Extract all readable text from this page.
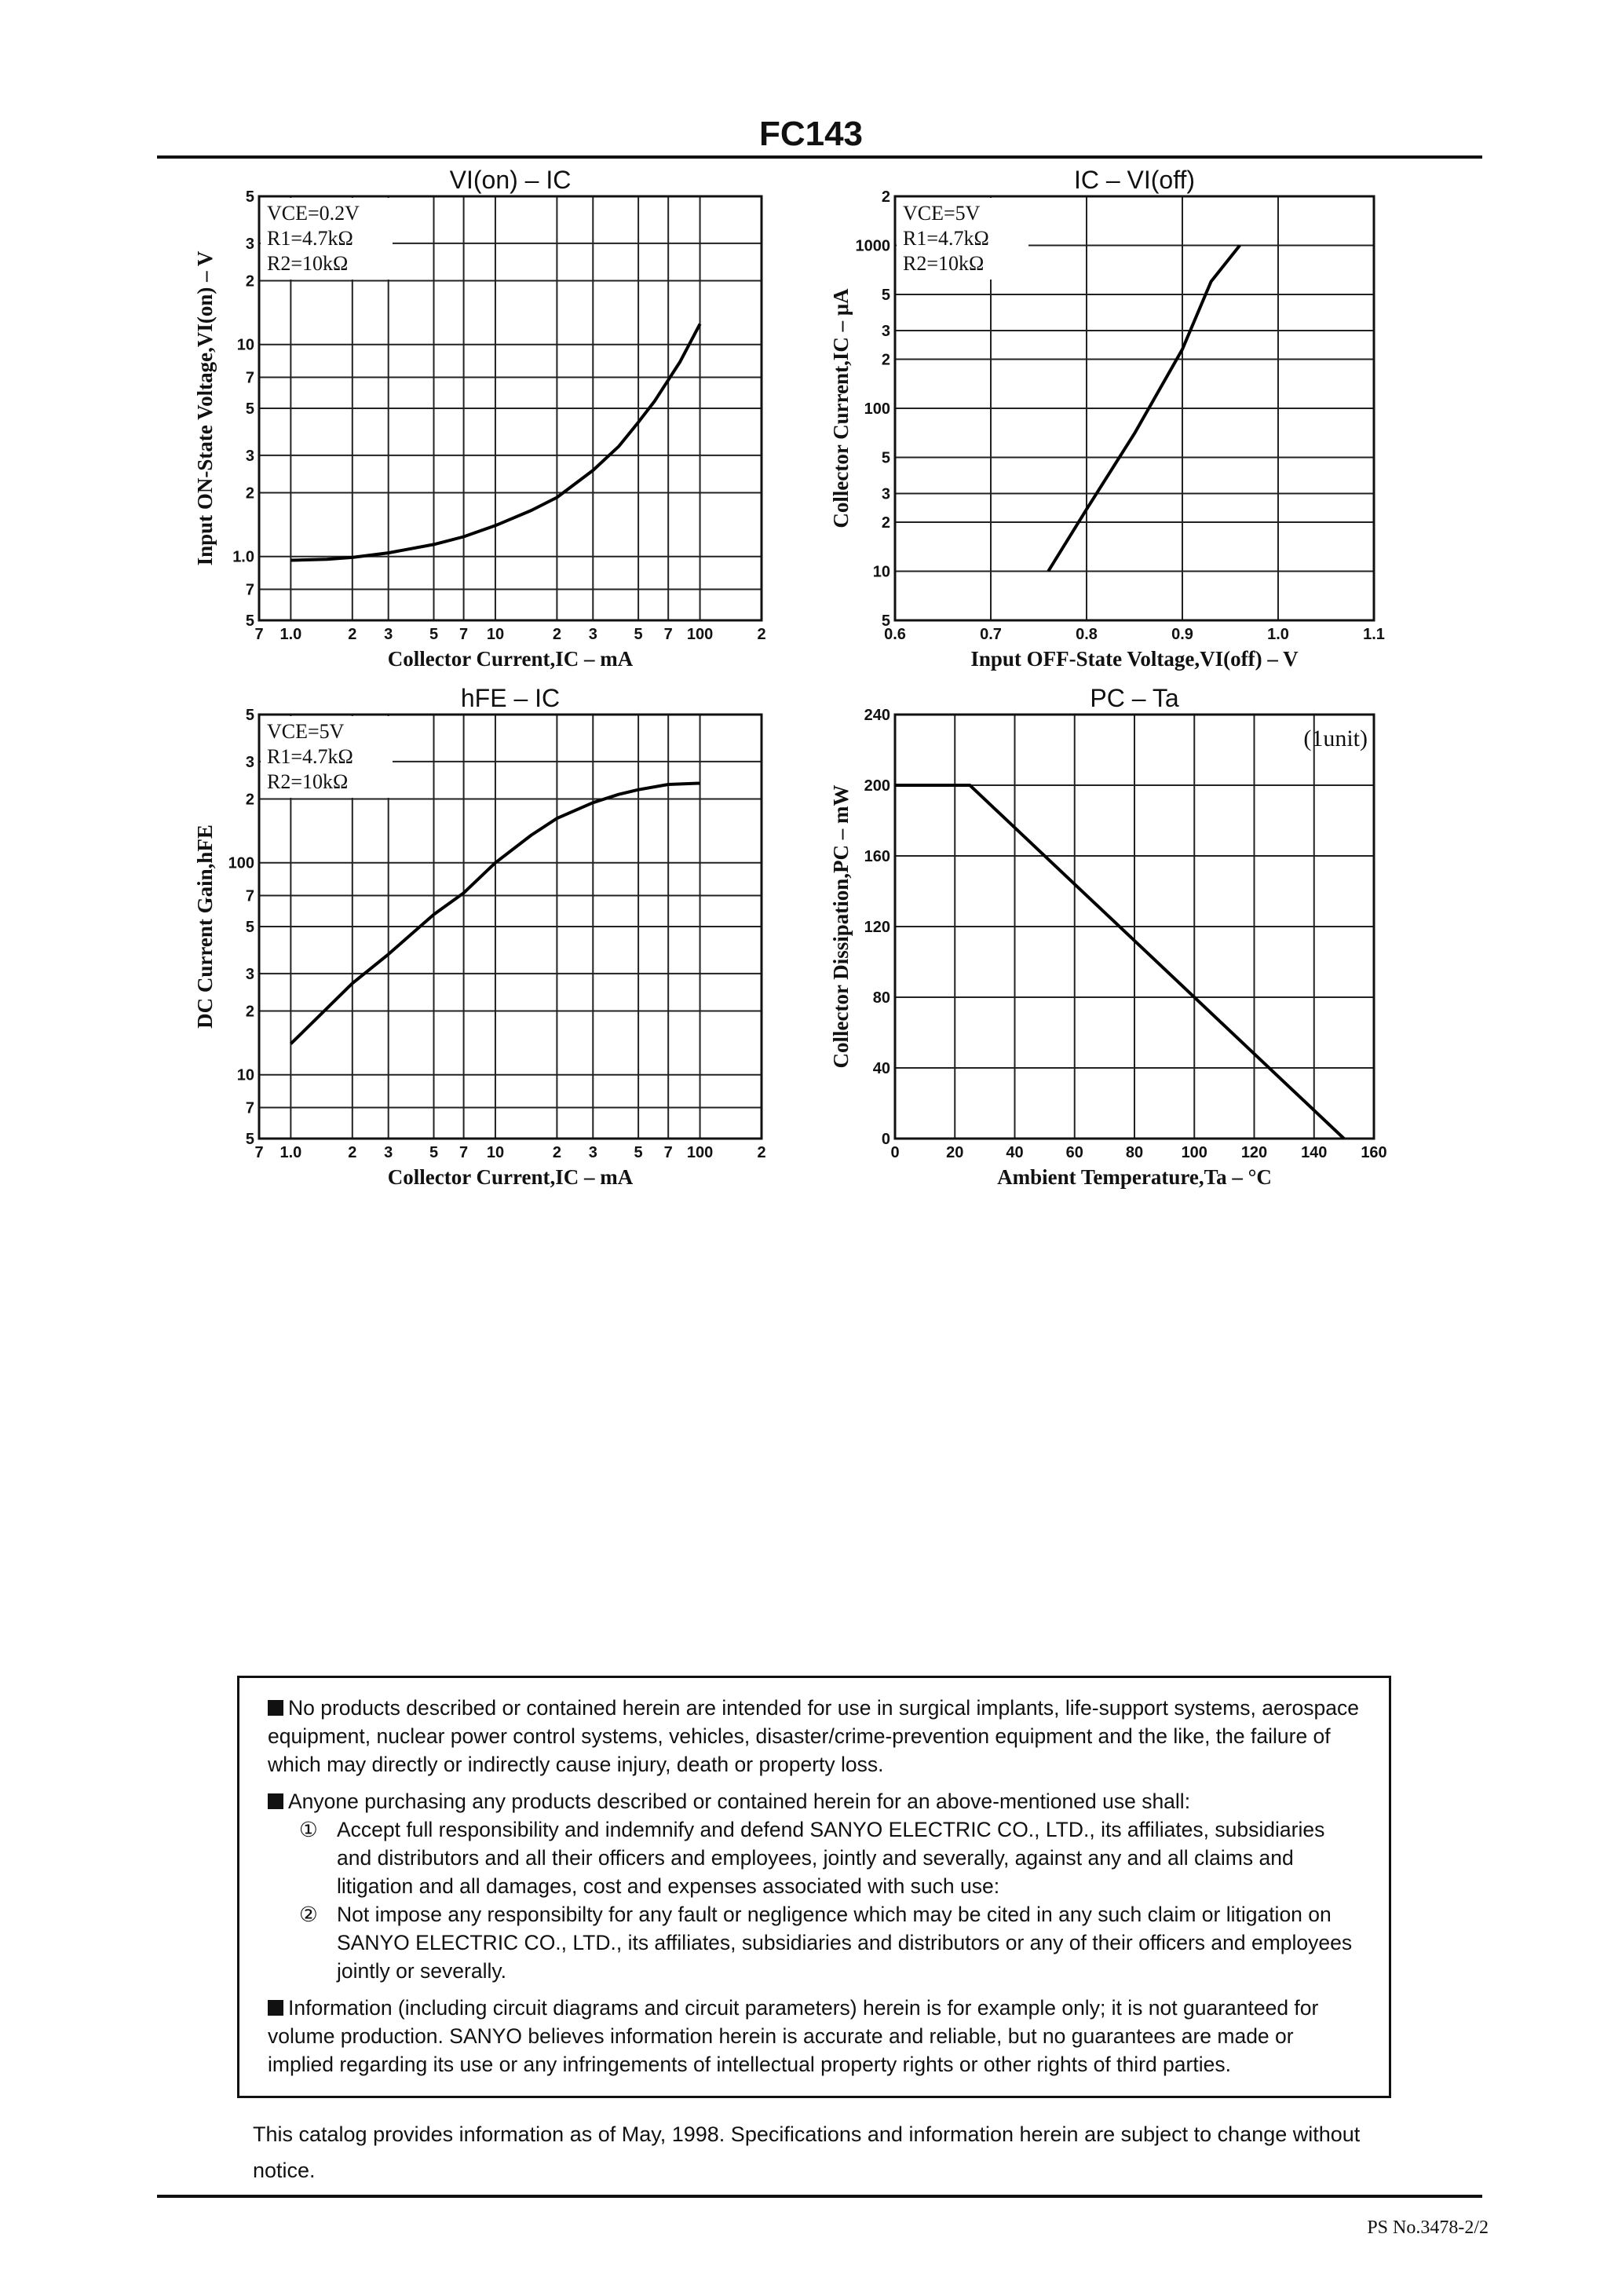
FC143
7 1.0	2 3 5 7 10	2 3 5 7 100	2
5
7
1.0
2
3
5
7
10
2
3
5
VI(on) – IC
Collector Current,IC – mA
Input ON-State Voltage,VI(on) – V
VCE=0.2V
R1=4.7kΩ
R2=10kΩ
0.6	0.7	0.8	0.9	1.0	1.1
5
10
2
3
5
100
2
3
5
1000
2
IC – VI(off)
Input OFF-State Voltage,VI(off) – V
Collector Current,IC – μA
VCE=5V
R1=4.7kΩ
R2=10kΩ
7 1.0	2 3 5 7 10	2 3 5 7 100	2
5
7
10
2
3
5
7
100
2
3
5
hFE – IC
Collector Current,IC – mA
DC Current Gain,hFE
VCE=5V
R1=4.7kΩ
R2=10kΩ
0	20	40	60	80 100 120 140 160
0
40
80
120
160
200
240
PC – Ta
Ambient Temperature,Ta – °C
Collector Dissipation,PC – mW
(1unit)

No products described or contained herein are intended for use in surgical implants, life-support systems, aerospace equipment, nuclear power control systems, vehicles, disaster/crime-prevention equipment and the like, the failure of which may directly or indirectly cause injury, death or property loss.

Anyone purchasing any products described or contained herein for an above-mentioned use shall:

① Accept full responsibility and indemnify and defend SANYO ELECTRIC CO., LTD., its affiliates, subsidiaries and distributors and all their officers and employees, jointly and severally, against any and all claims and litigation and all damages, cost and expenses associated with such use:
② Not impose any responsibilty for any fault or negligence which may be cited in any such claim or litigation on SANYO ELECTRIC CO., LTD., its affiliates, subsidiaries and distributors or any of their officers and employees jointly or severally.

Information (including circuit diagrams and circuit parameters) herein is for example only; it is not guaranteed for volume production. SANYO believes information herein is accurate and reliable, but no guarantees are made or implied regarding its use or any infringements of intellectual property rights or other rights of third parties.

This catalog provides information as of May, 1998. Specifications and information herein are subject to change without notice.
PS No.3478-2/2
